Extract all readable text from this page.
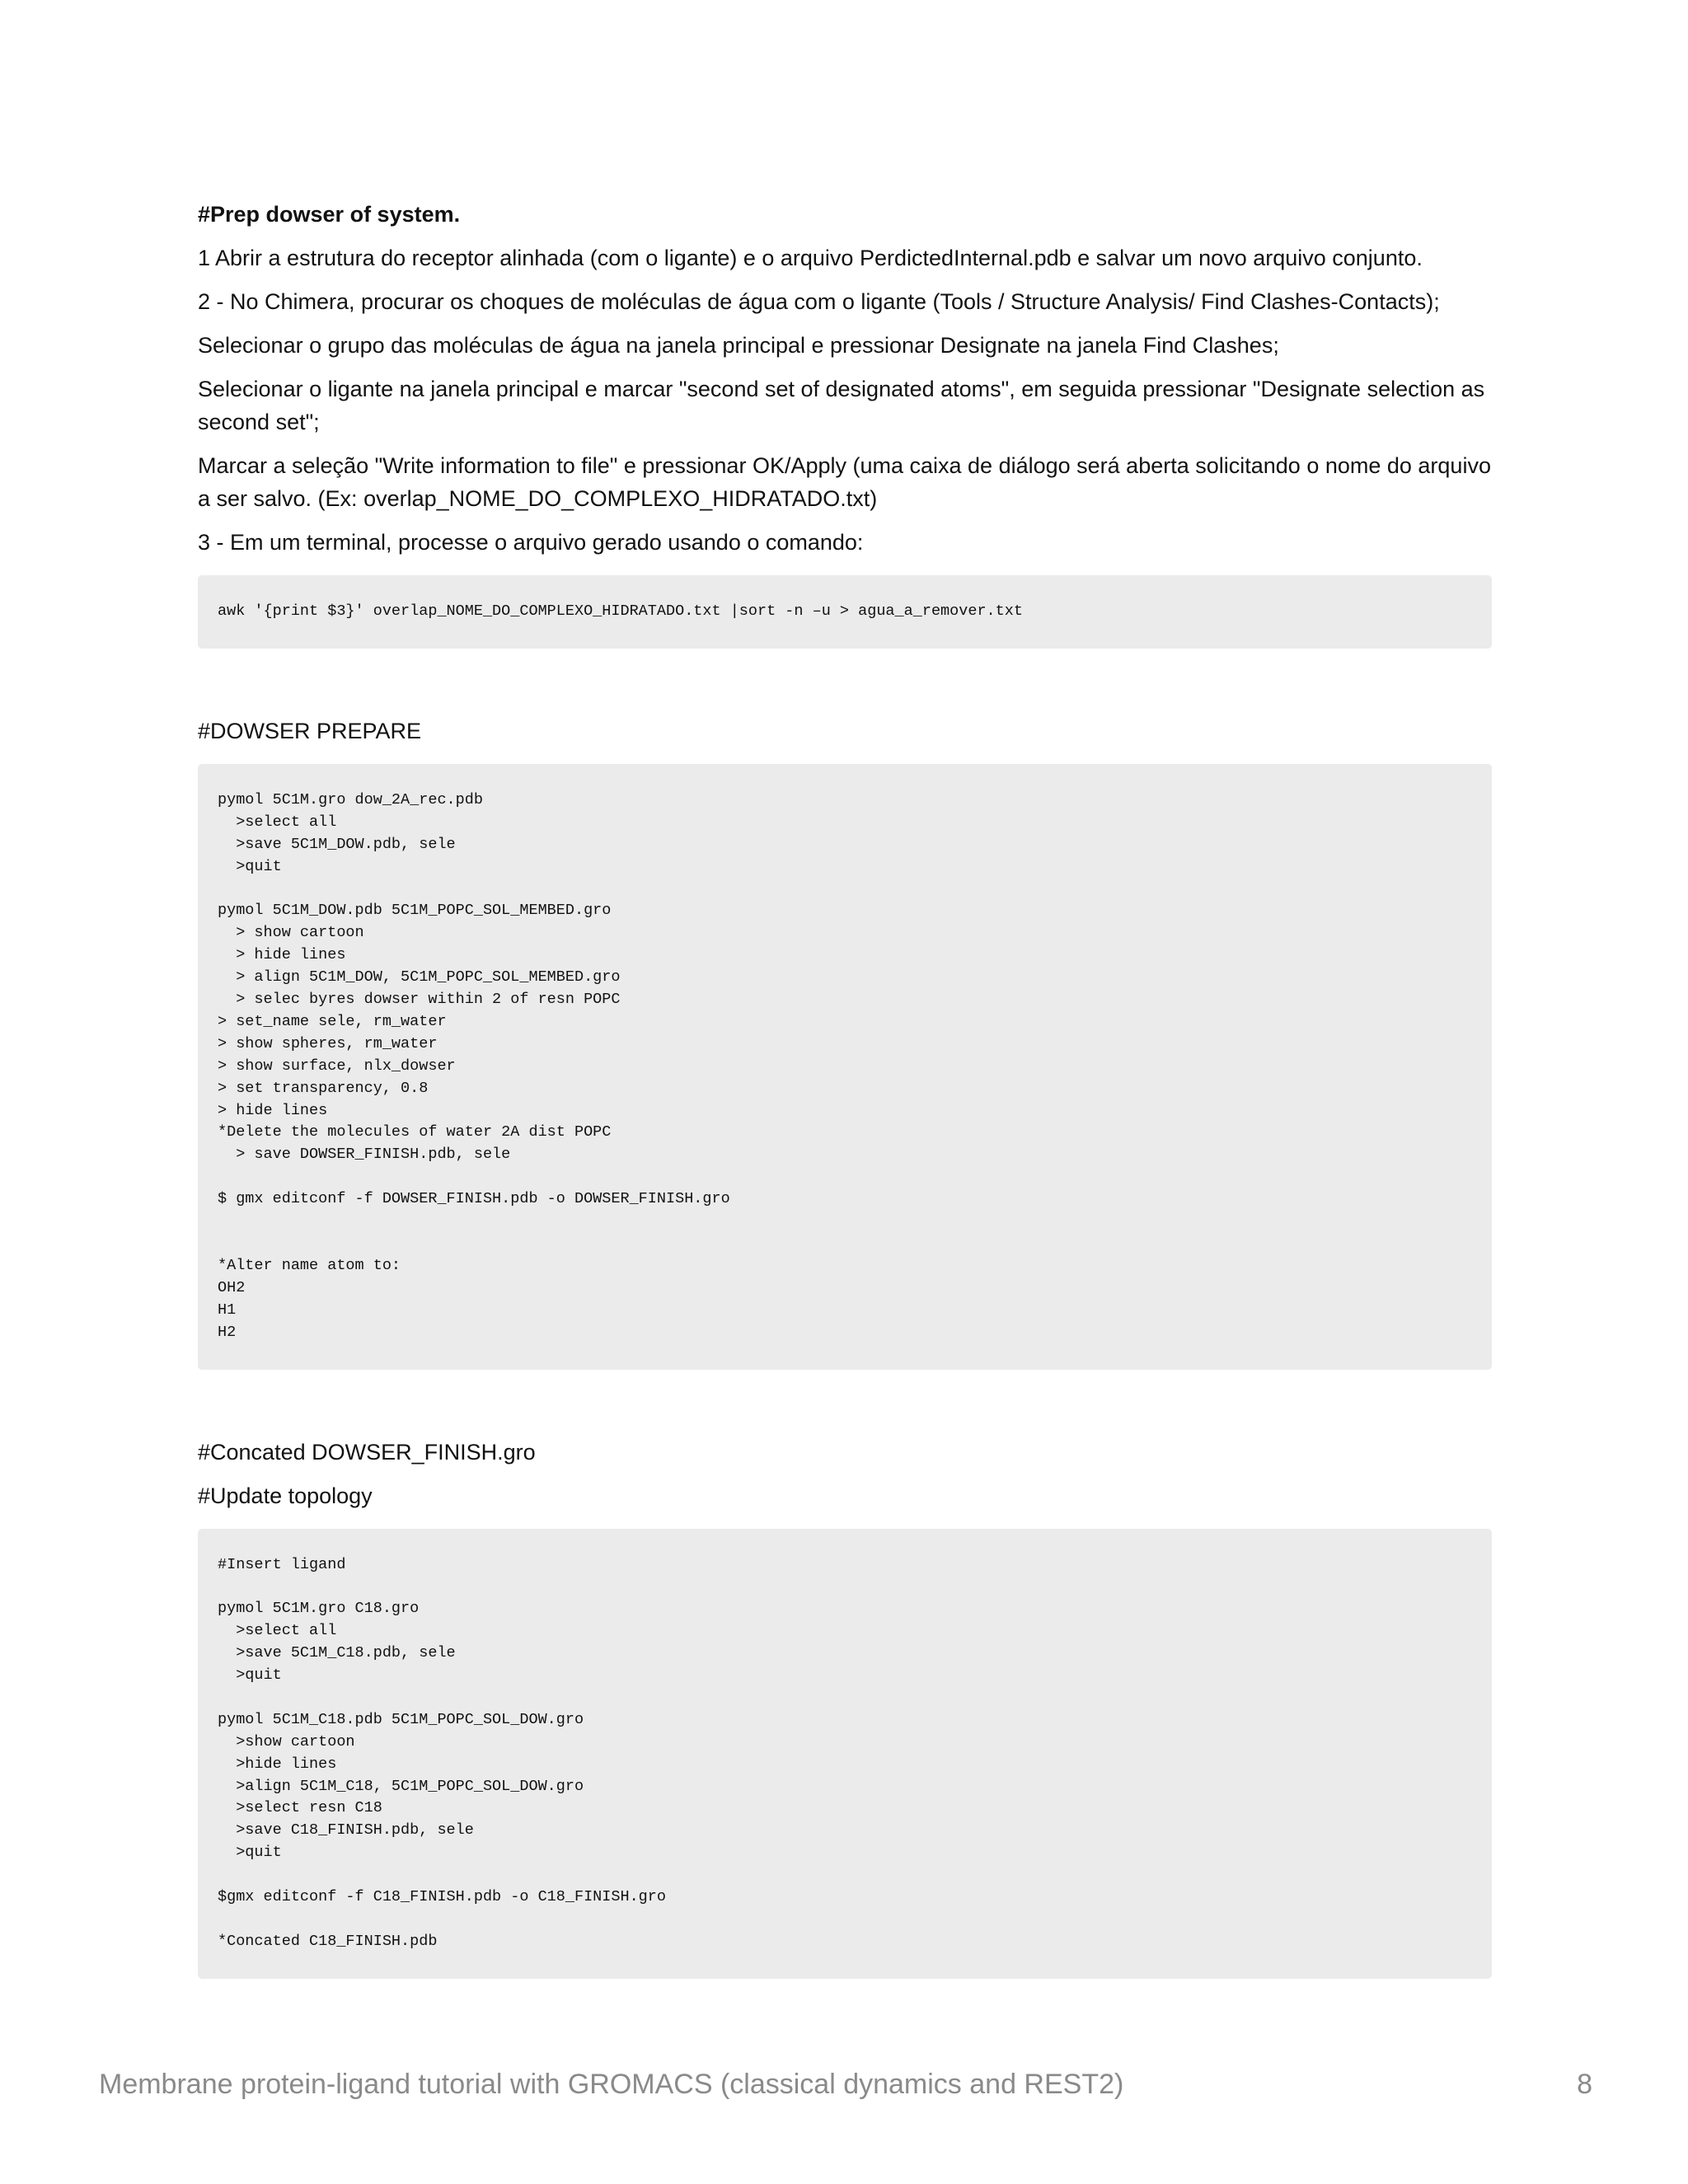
#Prep dowser of system.
1 Abrir a estrutura do receptor alinhada (com o ligante) e o arquivo PerdictedInternal.pdb e salvar um novo arquivo conjunto.
2 - No Chimera, procurar os choques de moléculas de água com o ligante (Tools / Structure Analysis/ Find Clashes-Contacts);
Selecionar o grupo das moléculas de água na janela principal e pressionar Designate na janela Find Clashes;
Selecionar o ligante na janela principal e marcar "second set of designated atoms", em seguida pressionar "Designate selection as second set";
Marcar a seleção "Write information to file" e pressionar OK/Apply (uma caixa de diálogo será aberta solicitando o nome do arquivo a ser salvo. (Ex: overlap_NOME_DO_COMPLEXO_HIDRATADO.txt)
3 - Em um terminal, processe o arquivo gerado usando o comando:
awk '{print $3}' overlap_NOME_DO_COMPLEXO_HIDRATADO.txt |sort -n –u > agua_a_remover.txt
#DOWSER PREPARE
pymol 5C1M.gro dow_2A_rec.pdb
>select all
>save 5C1M_DOW.pdb, sele
>quit
pymol 5C1M_DOW.pdb 5C1M_POPC_SOL_MEMBED.gro
> show cartoon
> hide lines
> align 5C1M_DOW, 5C1M_POPC_SOL_MEMBED.gro
> selec byres dowser within 2 of resn POPC
> set_name sele, rm_water
> show spheres, rm_water
> show surface, nlx_dowser
> set transparency, 0.8
> hide lines
*Delete the molecules of water 2A dist POPC
> save DOWSER_FINISH.pdb, sele
$ gmx editconf -f DOWSER_FINISH.pdb -o DOWSER_FINISH.gro
*Alter name atom to:
OH2
H1
H2
#Concated DOWSER_FINISH.gro
#Update topology
#Insert ligand
pymol 5C1M.gro C18.gro
>select all
>save 5C1M_C18.pdb, sele
>quit
pymol 5C1M_C18.pdb 5C1M_POPC_SOL_DOW.gro
>show cartoon
>hide lines
>align 5C1M_C18, 5C1M_POPC_SOL_DOW.gro
>select resn C18
>save C18_FINISH.pdb, sele
>quit
$gmx editconf -f C18_FINISH.pdb -o C18_FINISH.gro
*Concated C18_FINISH.pdb
Membrane protein-ligand tutorial with GROMACS (classical dynamics and REST2)	8
